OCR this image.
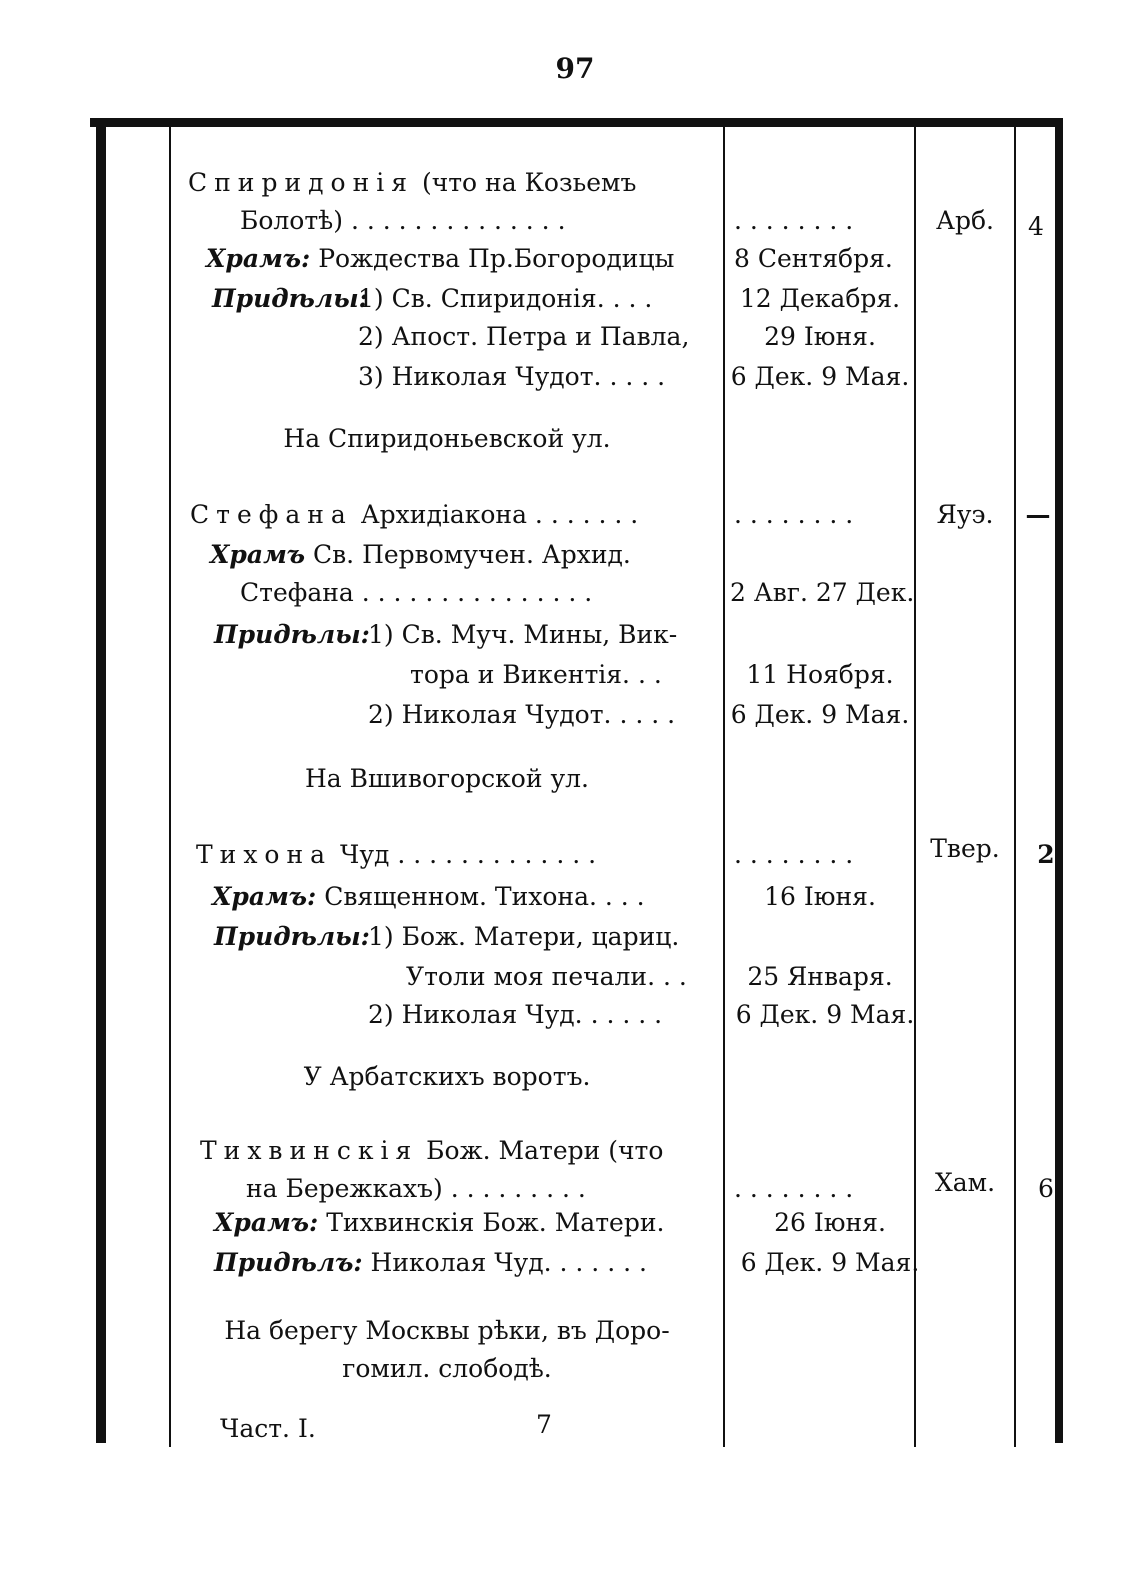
97
Спиридонія (что на Козьемъ
Болотѣ) . . . . . . . . . . . . . .	. . . . . . . .	Арб.	4
Храмъ: Рождества Пр.Богородицы 8 Сентября.
Придѣлы:
1) Св. Спиридонія. . . .	12 Декабря.
2) Апост. Петра и Павла,	29 Іюня.
3) Николая Чудот. . . . .	6 Дек. 9 Мая.
На Спиридоньевской ул.
Стефана Архидіакона . . . . . . .	. . . . . . . .	Яуэ.	—
Храмъ Св. Первомучен. Архид.
Стефана . . . . . . . . . . . . . . .	2 Авг. 27 Дек.
Придѣлы:
1) Св. Муч. Мины, Вик-
тора и Викентія. . .	11 Ноября.
2) Николая Чудот. . . . . 6 Дек. 9 Мая.
На Вшивогорской ул.
Тихона Чуд . . . . . . . . . . . . .	. . . . . . . .	Твер.	2
Храмъ: Священном. Тихона. . . .	16 Іюня.
Придѣлы:
1) Бож. Матери, цариц.
Утоли моя печали. . .	25 Января.
2) Николая Чуд. . . . . .	6 Дек. 9 Мая.
У Арбатскихъ воротъ.
Тихвинскія Бож. Матери (что
на Бережкахъ) . . . . . . . . .	. . . . . . . .	Хам.	6
Храмъ: Тихвинскія Бож. Матери.	26 Іюня.
Придѣлъ: Николая Чуд. . . . . . .	6 Дек. 9 Мая.
На берегу Москвы рѣки, въ Доро-
гомил. слободѣ.
Част. I.	7
